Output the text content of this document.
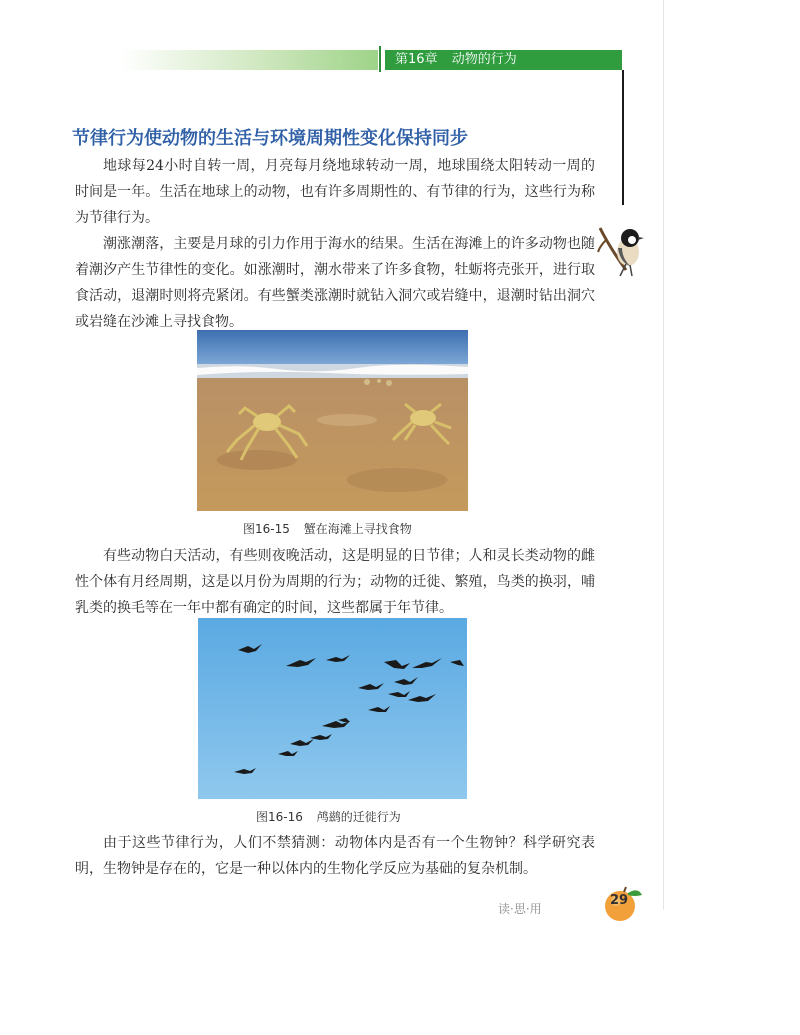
第16章 动物的行为
节律行为使动物的生活与环境周期性变化保持同步

地球每24小时自转一周，月亮每月绕地球转动一周，地球围绕太阳转动一周的时间是一年。生活在地球上的动物，也有许多周期性的、有节律的行为，这些行为称为节律行为。

潮涨潮落，主要是月球的引力作用于海水的结果。生活在海滩上的许多动物也随着潮汐产生节律性的变化。如涨潮时，潮水带来了许多食物，牡蛎将壳张开，进行取食活动，退潮时则将壳紧闭。有些蟹类涨潮时就钻入洞穴或岩缝中，退潮时钻出洞穴或岩缝在沙滩上寻找食物。

图16-15 蟹在海滩上寻找食物

有些动物白天活动，有些则夜晚活动，这是明显的日节律；人和灵长类动物的雌性个体有月经周期，这是以月份为周期的行为；动物的迁徙、繁殖，鸟类的换羽，哺乳类的换毛等在一年中都有确定的时间，这些都属于年节律。

图16-16 鸬鹚的迁徙行为

由于这些节律行为，人们不禁猜测：动物体内是否有一个生物钟？科学研究表明，生物钟是存在的，它是一种以体内的生物化学反应为基础的复杂机制。

读·思·用
29
